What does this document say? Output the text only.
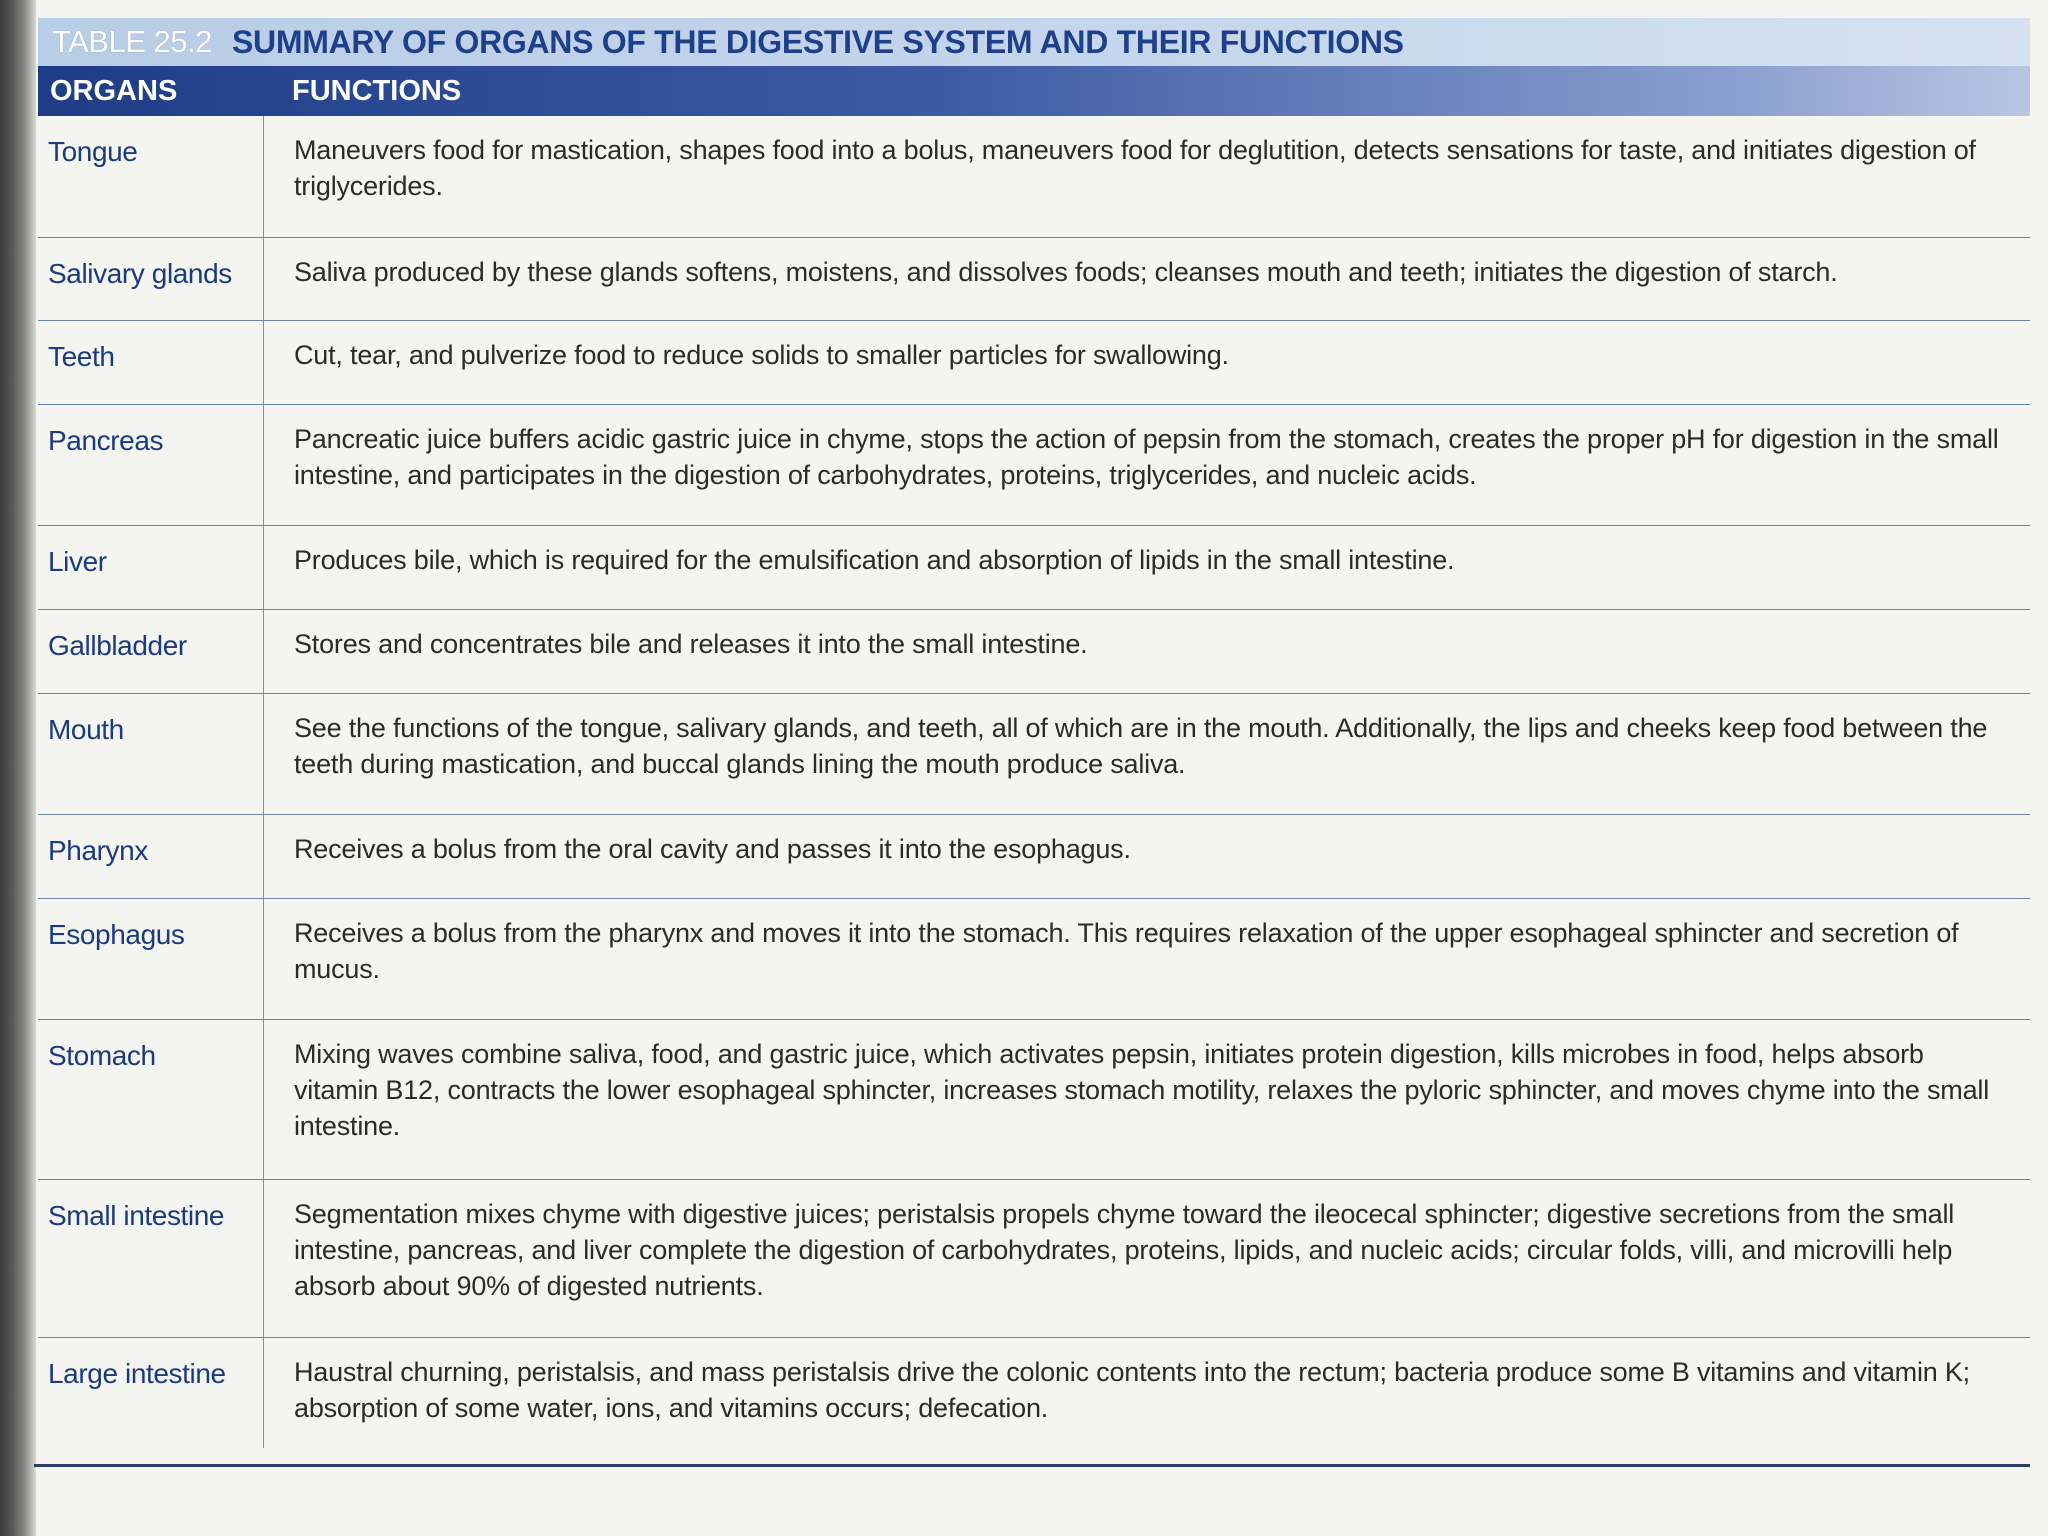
TABLE 25.2 SUMMARY OF ORGANS OF THE DIGESTIVE SYSTEM AND THEIR FUNCTIONS
ORGANS	FUNCTIONS
Tongue	Maneuvers food for mastication, shapes food into a bolus, maneuvers food for deglutition, detects sensations for taste, and initiates digestion of triglycerides.
Salivary glands	Saliva produced by these glands softens, moistens, and dissolves foods; cleanses mouth and teeth; initiates the digestion of starch.
Teeth	Cut, tear, and pulverize food to reduce solids to smaller particles for swallowing.
Pancreas	Pancreatic juice buffers acidic gastric juice in chyme, stops the action of pepsin from the stomach, creates the proper pH for digestion in the small intestine, and participates in the digestion of carbohydrates, proteins, triglycerides, and nucleic acids.
Liver	Produces bile, which is required for the emulsification and absorption of lipids in the small intestine.
Gallbladder	Stores and concentrates bile and releases it into the small intestine.
Mouth	See the functions of the tongue, salivary glands, and teeth, all of which are in the mouth. Additionally, the lips and cheeks keep food between the teeth during mastication, and buccal glands lining the mouth produce saliva.
Pharynx	Receives a bolus from the oral cavity and passes it into the esophagus.
Esophagus	Receives a bolus from the pharynx and moves it into the stomach. This requires relaxation of the upper esophageal sphincter and secretion of mucus.
Stomach	Mixing waves combine saliva, food, and gastric juice, which activates pepsin, initiates protein digestion, kills microbes in food, helps absorb vitamin B12, contracts the lower esophageal sphincter, increases stomach motility, relaxes the pyloric sphincter, and moves chyme into the small intestine.
Small intestine	Segmentation mixes chyme with digestive juices; peristalsis propels chyme toward the ileocecal sphincter; digestive secretions from the small intestine, pancreas, and liver complete the digestion of carbohydrates, proteins, lipids, and nucleic acids; circular folds, villi, and microvilli help absorb about 90% of digested nutrients.
Large intestine	Haustral churning, peristalsis, and mass peristalsis drive the colonic contents into the rectum; bacteria produce some B vitamins and vitamin K; absorption of some water, ions, and vitamins occurs; defecation.
